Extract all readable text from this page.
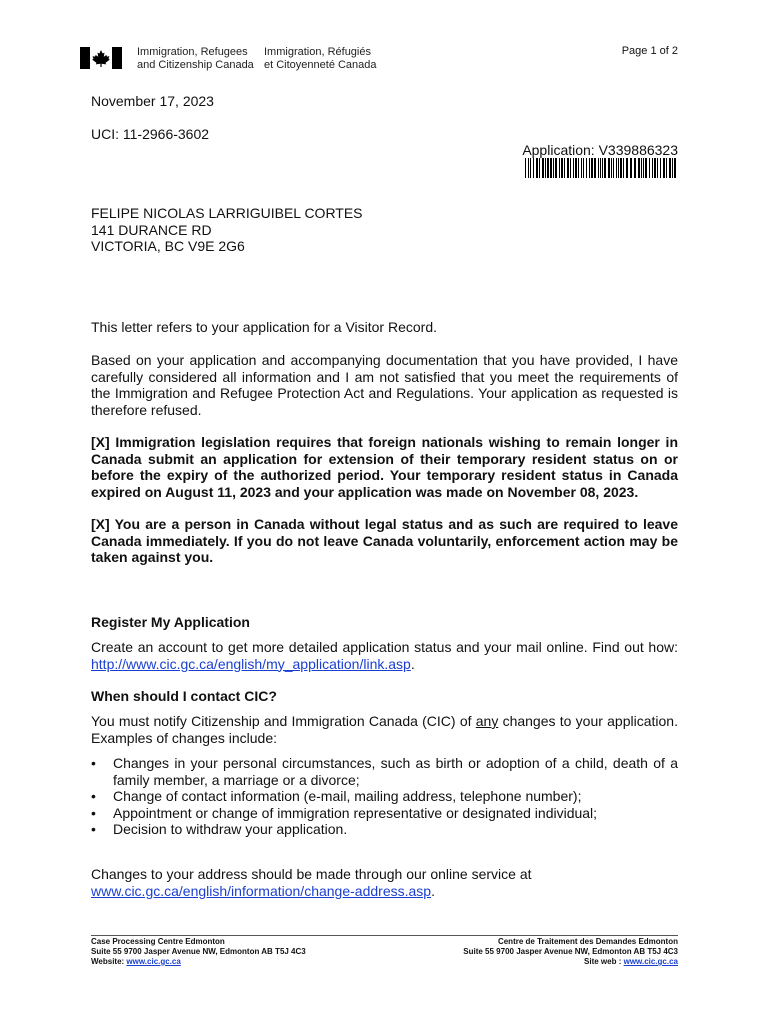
Immigration, Refugees
and Citizenship Canada
Immigration, Réfugiés
et Citoyenneté Canada
Page 1 of 2
November 17, 2023
UCI: 11-2966-3602
Application: V339886323
FELIPE NICOLAS LARRIGUIBEL CORTES
141 DURANCE RD
VICTORIA, BC V9E 2G6
This letter refers to your application for a Visitor Record.
Based on your application and accompanying documentation that you have provided, I have carefully considered all information and I am not satisfied that you meet the requirements of the Immigration and Refugee Protection Act and Regulations. Your application as requested is therefore refused.
[X] Immigration legislation requires that foreign nationals wishing to remain longer in Canada submit an application for extension of their temporary resident status on or before the expiry of the authorized period. Your temporary resident status in Canada expired on August 11, 2023 and your application was made on November 08, 2023.
[X] You are a person in Canada without legal status and as such are required to leave Canada immediately. If you do not leave Canada voluntarily, enforcement action may be taken against you.
Register My Application
Create an account to get more detailed application status and your mail online. Find out how: http://www.cic.gc.ca/english/my_application/link.asp.
When should I contact CIC?
You must notify Citizenship and Immigration Canada (CIC) of any changes to your application. Examples of changes include:
• Changes in your personal circumstances, such as birth or adoption of a child, death of a family member, a marriage or a divorce;
• Change of contact information (e-mail, mailing address, telephone number);
• Appointment or change of immigration representative or designated individual;
• Decision to withdraw your application.
Changes to your address should be made through our online service at
www.cic.gc.ca/english/information/change-address.asp.
Case Processing Centre Edmonton
Suite 55 9700 Jasper Avenue NW, Edmonton AB T5J 4C3
Website: www.cic.gc.ca
Centre de Traitement des Demandes Edmonton
Suite 55 9700 Jasper Avenue NW, Edmonton AB T5J 4C3
Site web : www.cic.gc.ca
